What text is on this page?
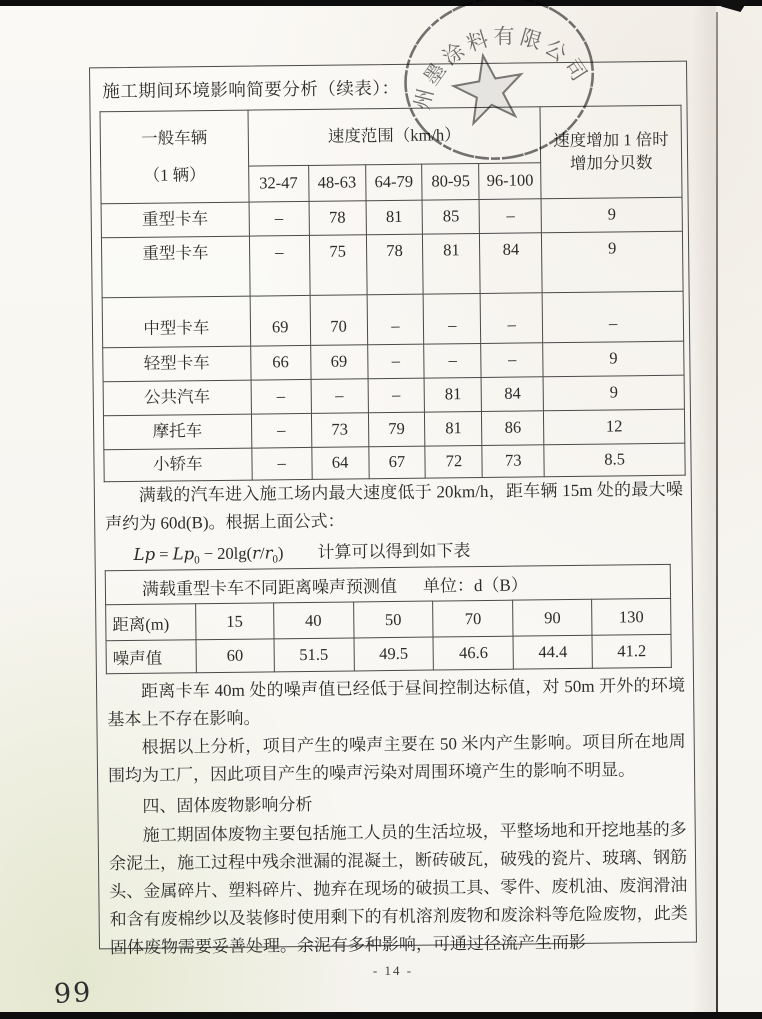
施工期间环境影响简要分析（续表）：
一般车辆
（1 辆）
	速度范围（km/h）	速度增加 1 倍时
增加分贝数

	32-47	48-63	64-79	80-95	96-100	
重型卡车	–	78	81	85	–	9
重型卡车	–	75	78	81	84	9
中型卡车	69	70	–	–	–	–
轻型卡车	66	69	–	–	–	9
公共汽车	–	–	–	81	84	9
摩托车	–	73	79	81	86	12
小轿车	–	64	67	72	73	8.5

满载的汽车进入施工场内最大速度低于 20km/h，距车辆 15m 处的最大噪声约为 60d(B)。根据上面公式：

$Lp = Lp_0 - 20\lg(r/r_0)$ 计算可以得到如下表
满载重型卡车不同距离噪声预测值 单位：d（B）						
距离(m)	15	40	50	70	90	130
噪声值	60	51.5	49.5	46.6	44.4	41.2

距离卡车 40m 处的噪声值已经低于昼间控制达标值，对 50m 开外的环境基本上不存在影响。

根据以上分析，项目产生的噪声主要在 50 米内产生影响。项目所在地周围均为工厂，因此项目产生的噪声污染对周围环境产生的影响不明显。

四、固体废物影响分析

施工期固体废物主要包括施工人员的生活垃圾，平整场地和开挖地基的多余泥土，施工过程中残余泄漏的混凝土，断砖破瓦，破残的瓷片、玻璃、钢筋头、金属碎片、塑料碎片、抛弃在现场的破损工具、零件、废机油、废润滑油和含有废棉纱以及装修时使用剩下的有机溶剂废物和废涂料等危险废物，此类固体废物需要妥善处理。余泥有多种影响，可通过径流产生而影

州墨涂料有限公司
- 14 -
99
